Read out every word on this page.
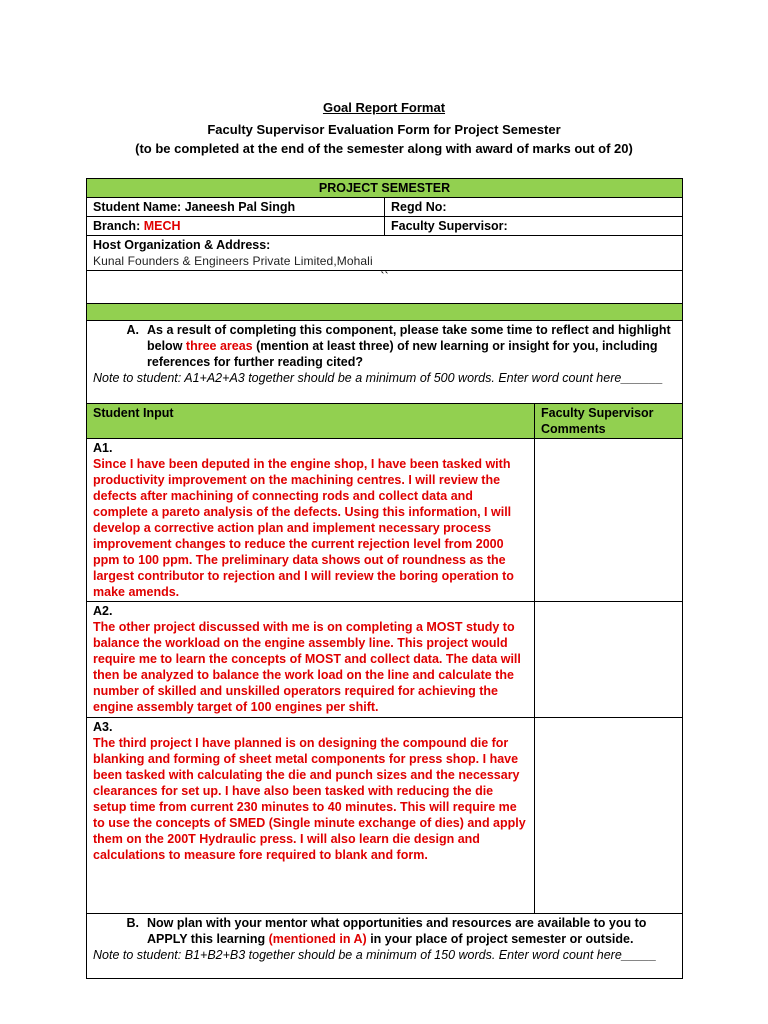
Goal Report Format
Faculty Supervisor Evaluation Form for Project Semester
(to be completed at the end of the semester along with award of marks out of 20)
PROJECT SEMESTER		
Student Name: Janeesh Pal Singh	Regd No:	
Branch: MECH	Faculty Supervisor:	

Host Organization & Address:
Kunal Founders & Engineers Private Limited,Mohali		

``		

A. As a result of completing this component, please take some time to reflect and highlight below three areas (mention at least three) of new learning or insight for you, including references for further reading cited?
Note to student: A1+A2+A3 together should be a minimum of 500 words. Enter word count here______		

Student Input		Faculty Supervisor Comments

A1.
Since I have been deputed in the engine shop, I have been tasked with productivity improvement on the machining centres. I will review the defects after machining of connecting rods and collect data and complete a pareto analysis of the defects. Using this information, I will develop a corrective action plan and implement necessary process improvement changes to reduce the current rejection level from 2000 ppm to 100 ppm. The preliminary data shows out of roundness as the largest contributor to rejection and I will review the boring operation to make amends.		

A2.
The other project discussed with me is on completing a MOST study to balance the workload on the engine assembly line. This project would require me to learn the concepts of MOST and collect data. The data will then be analyzed to balance the work load on the line and calculate the number of skilled and unskilled operators required for achieving the engine assembly target of 100 engines per shift.		

A3.
The third project I have planned is on designing the compound die for blanking and forming of sheet metal components for press shop. I have been tasked with calculating the die and punch sizes and the necessary clearances for set up. I have also been tasked with reducing the die setup time from current 230 minutes to 40 minutes. This will require me to use the concepts of SMED (Single minute exchange of dies) and apply them on the 200T Hydraulic press. I will also learn die design and calculations to measure fore required to blank and form.		

B. Now plan with your mentor what opportunities and resources are available to you to APPLY this learning (mentioned in A) in your place of project semester or outside.
Note to student: B1+B2+B3 together should be a minimum of 150 words. Enter word count here_____		
